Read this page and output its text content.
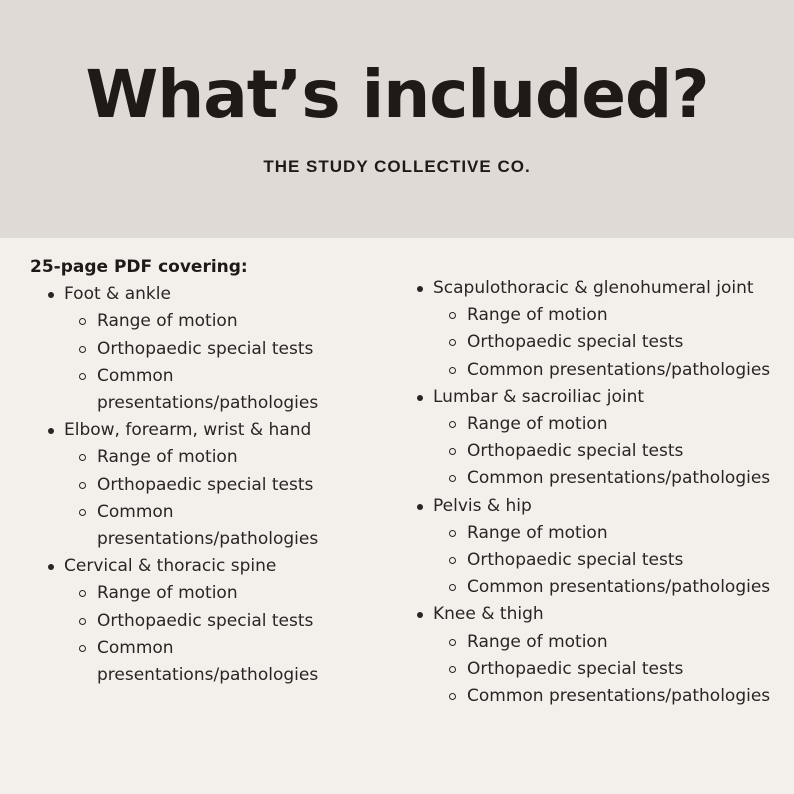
What’s included?
THE STUDY COLLECTIVE CO.
25-page PDF covering:
Foot & ankle
Range of motion
Orthopaedic special tests
Common
presentations/pathologies
Elbow, forearm, wrist & hand
Range of motion
Orthopaedic special tests
Common
presentations/pathologies
Cervical & thoracic spine
Range of motion
Orthopaedic special tests
Common
presentations/pathologies
Scapulothoracic & glenohumeral joint
Range of motion
Orthopaedic special tests
Common presentations/pathologies
Lumbar & sacroiliac joint
Range of motion
Orthopaedic special tests
Common presentations/pathologies
Pelvis & hip
Range of motion
Orthopaedic special tests
Common presentations/pathologies
Knee & thigh
Range of motion
Orthopaedic special tests
Common presentations/pathologies
